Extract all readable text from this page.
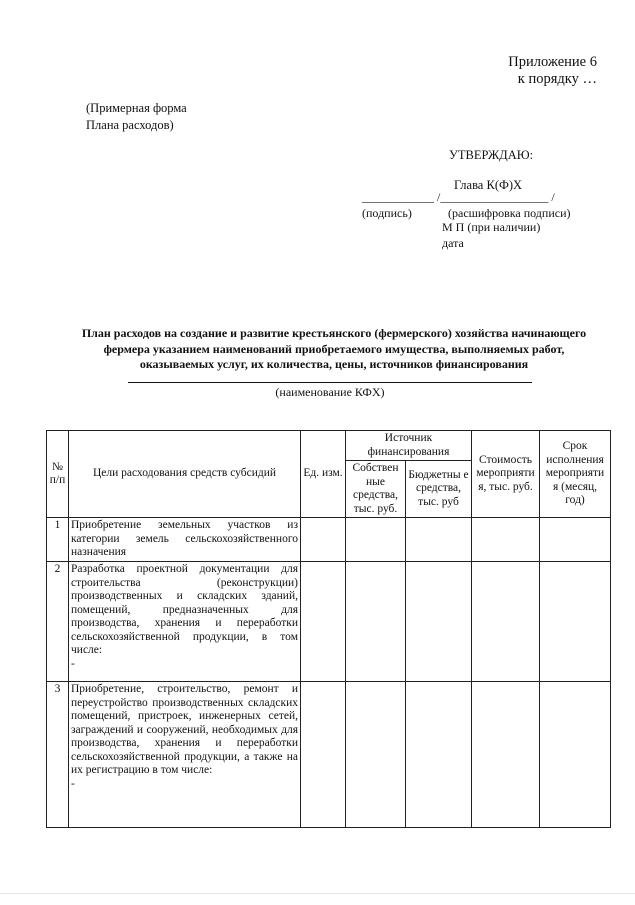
Приложение 6
к порядку …
(Примерная форма
Плана расходов)
УТВЕРЖДАЮ:
Глава К(Ф)Х
____________ /__________________ /
(подпись)	(расшифровка подписи)
М П (при наличии)
дата
План расходов на создание и развитие крестьянского (фермерского) хозяйства начинающего
фермера указанием наименований приобретаемого имущества, выполняемых работ,
оказываемых услуг, их количества, цены, источников финансирования
(наименование КФХ)
№ п/п	Цели расходования средств субсидий	Ед. изм.	Источник финансирования		Стоимость мероприяти я, тыс. руб.	Срок исполнения мероприяти я (месяц, год)
			Собствен ные средства, тыс. руб.	Бюджетны е средства, тыс. руб		
1	Приобретение земельных участков из категории земель сельскохозяйственного назначения					
2	Разработка проектной документации для строительства (реконструкции) производственных и складских зданий, помещений, предназначенных для производства, хранения и переработки сельскохозяйственной продукции, в том числе:
-					

3	Приобретение, строительство, ремонт и переустройство производственных складских помещений, пристроек, инженерных сетей, заграждений и сооружений, необходимых для производства, хранения и переработки сельскохозяйственной продукции, а также на их регистрацию в том числе:
-					
